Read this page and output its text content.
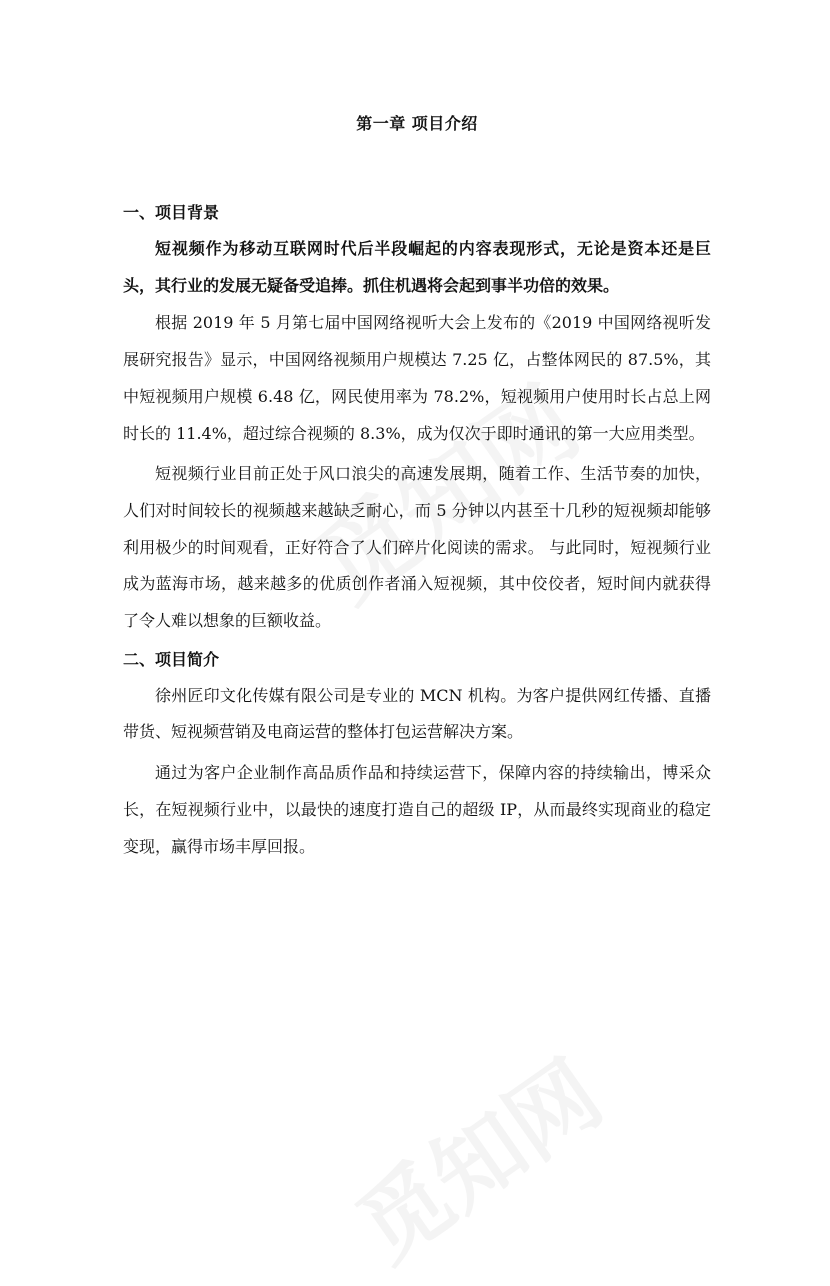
第一章 项目介绍
一、项目背景

短视频作为移动互联网时代后半段崛起的内容表现形式，无论是资本还是巨头，其行业的发展无疑备受追捧。抓住机遇将会起到事半功倍的效果。

根据 2019 年 5 月第七届中国网络视听大会上发布的《2019 中国网络视听发展研究报告》显示，中国网络视频用户规模达 7.25 亿，占整体网民的 87.5%，其中短视频用户规模 6.48 亿，网民使用率为 78.2%，短视频用户使用时长占总上网时长的 11.4%，超过综合视频的 8.3%，成为仅次于即时通讯的第一大应用类型。

短视频行业目前正处于风口浪尖的高速发展期，随着工作、生活节奏的加快，人们对时间较长的视频越来越缺乏耐心，而 5 分钟以内甚至十几秒的短视频却能够利用极少的时间观看，正好符合了人们碎片化阅读的需求。 与此同时，短视频行业成为蓝海市场，越来越多的优质创作者涌入短视频，其中佼佼者，短时间内就获得了令人难以想象的巨额收益。

二、项目简介

徐州匠印文化传媒有限公司是专业的 MCN 机构。为客户提供网红传播、直播带货、短视频营销及电商运营的整体打包运营解决方案。

通过为客户企业制作高品质作品和持续运营下，保障内容的持续输出，博采众长，在短视频行业中，以最快的速度打造自己的超级 IP，从而最终实现商业的稳定变现，赢得市场丰厚回报。
